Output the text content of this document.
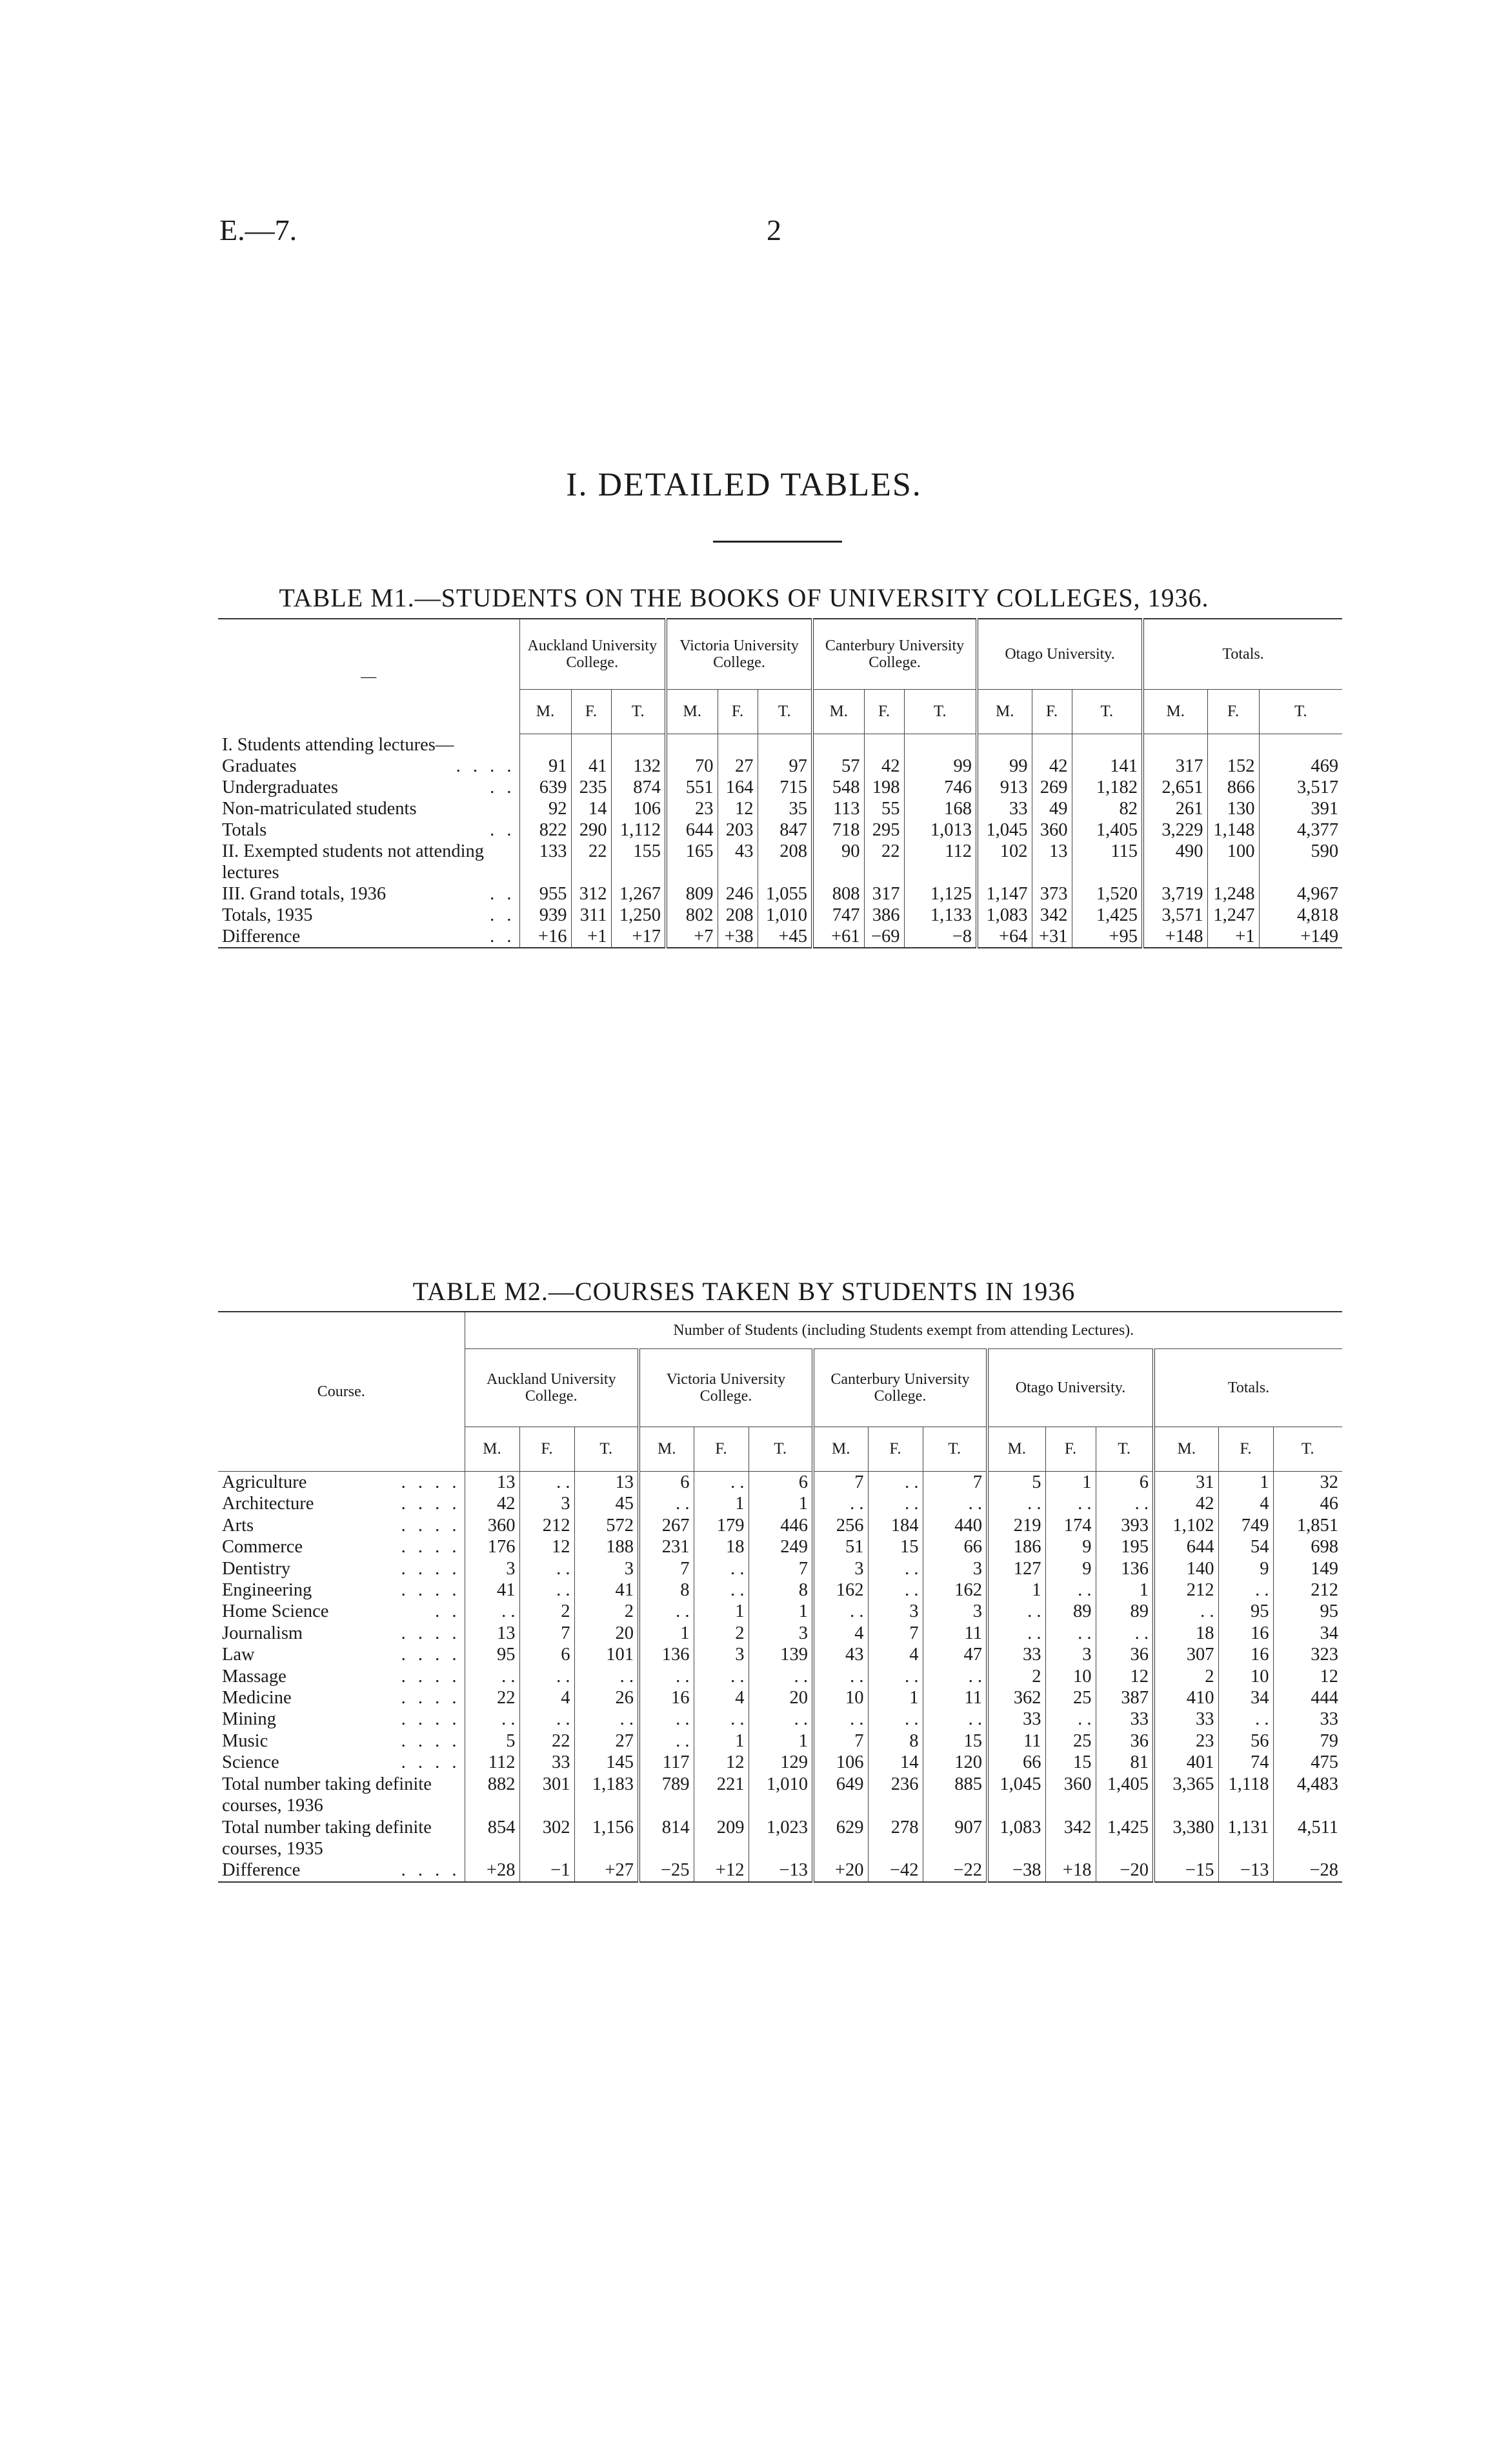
E.—7.	2
I. DETAILED TABLES.
TABLE M1.—STUDENTS ON THE BOOKS OF UNIVERSITY COLLEGES, 1936.
—	Auckland University College.			Victoria University College.			Canterbury University College.			Otago University.			Totals.		
	M.	F.	T.	M.	F.	T.	M.	F.	T.	M.	F.	T.	M.	F.	T.
I. Students attending lectures—															
Graduates . . . .	91	41	132	70	27	97	57	42	99	99	42	141	317	152	469
Undergraduates . .	639	235	874	551	164	715	548	198	746	913	269	1,182	2,651	866	3,517
Non-matriculated students	92	14	106	23	12	35	113	55	168	33	49	82	261	130	391
Totals . .	822	290	1,112	644	203	847	718	295	1,013	1,045	360	1,405	3,229	1,148	4,377
II. Exempted students not attending lectures	133	22	155	165	43	208	90	22	112	102	13	115	490	100	590
III. Grand totals, 1936 . .	955	312	1,267	809	246	1,055	808	317	1,125	1,147	373	1,520	3,719	1,248	4,967
Totals, 1935 . .	939	311	1,250	802	208	1,010	747	386	1,133	1,083	342	1,425	3,571	1,247	4,818
Difference . .	+16	+1	+17	+7	+38	+45	+61	−69	−8	+64	+31	+95	+148	+1	+149
TABLE M2.—COURSES TAKEN BY STUDENTS IN 1936
Course.	Number of Students (including Students exempt from attending Lectures).														
	Auckland University College.			Victoria University College.			Canterbury University College.			Otago University.			Totals.		
	M.	F.	T.	M.	F.	T.	M.	F.	T.	M.	F.	T.	M.	F.	T.
Agriculture . . . .	13	. .	13	6	. .	6	7	. .	7	5	1	6	31	1	32
Architecture . . . .	42	3	45	. .	1	1	. .	. .	. .	. .	. .	. .	42	4	46
Arts . . . .	360	212	572	267	179	446	256	184	440	219	174	393	1,102	749	1,851
Commerce . . . .	176	12	188	231	18	249	51	15	66	186	9	195	644	54	698
Dentistry . . . .	3	. .	3	7	. .	7	3	. .	3	127	9	136	140	9	149
Engineering . . . .	41	. .	41	8	. .	8	162	. .	162	1	. .	1	212	. .	212
Home Science . .	. .	2	2	. .	1	1	. .	3	3	. .	89	89	. .	95	95
Journalism . . . .	13	7	20	1	2	3	4	7	11	. .	. .	. .	18	16	34
Law . . . .	95	6	101	136	3	139	43	4	47	33	3	36	307	16	323
Massage . . . .	. .	. .	. .	. .	. .	. .	. .	. .	. .	2	10	12	2	10	12
Medicine . . . .	22	4	26	16	4	20	10	1	11	362	25	387	410	34	444
Mining . . . .	. .	. .	. .	. .	. .	. .	. .	. .	. .	33	. .	33	33	. .	33
Music . . . .	5	22	27	. .	1	1	7	8	15	11	25	36	23	56	79
Science . . . .	112	33	145	117	12	129	106	14	120	66	15	81	401	74	475
Total number taking definite courses, 1936	882	301	1,183	789	221	1,010	649	236	885	1,045	360	1,405	3,365	1,118	4,483
Total number taking definite courses, 1935	854	302	1,156	814	209	1,023	629	278	907	1,083	342	1,425	3,380	1,131	4,511
Difference . . . .	+28	−1	+27	−25	+12	−13	+20	−42	−22	−38	+18	−20	−15	−13	−28
